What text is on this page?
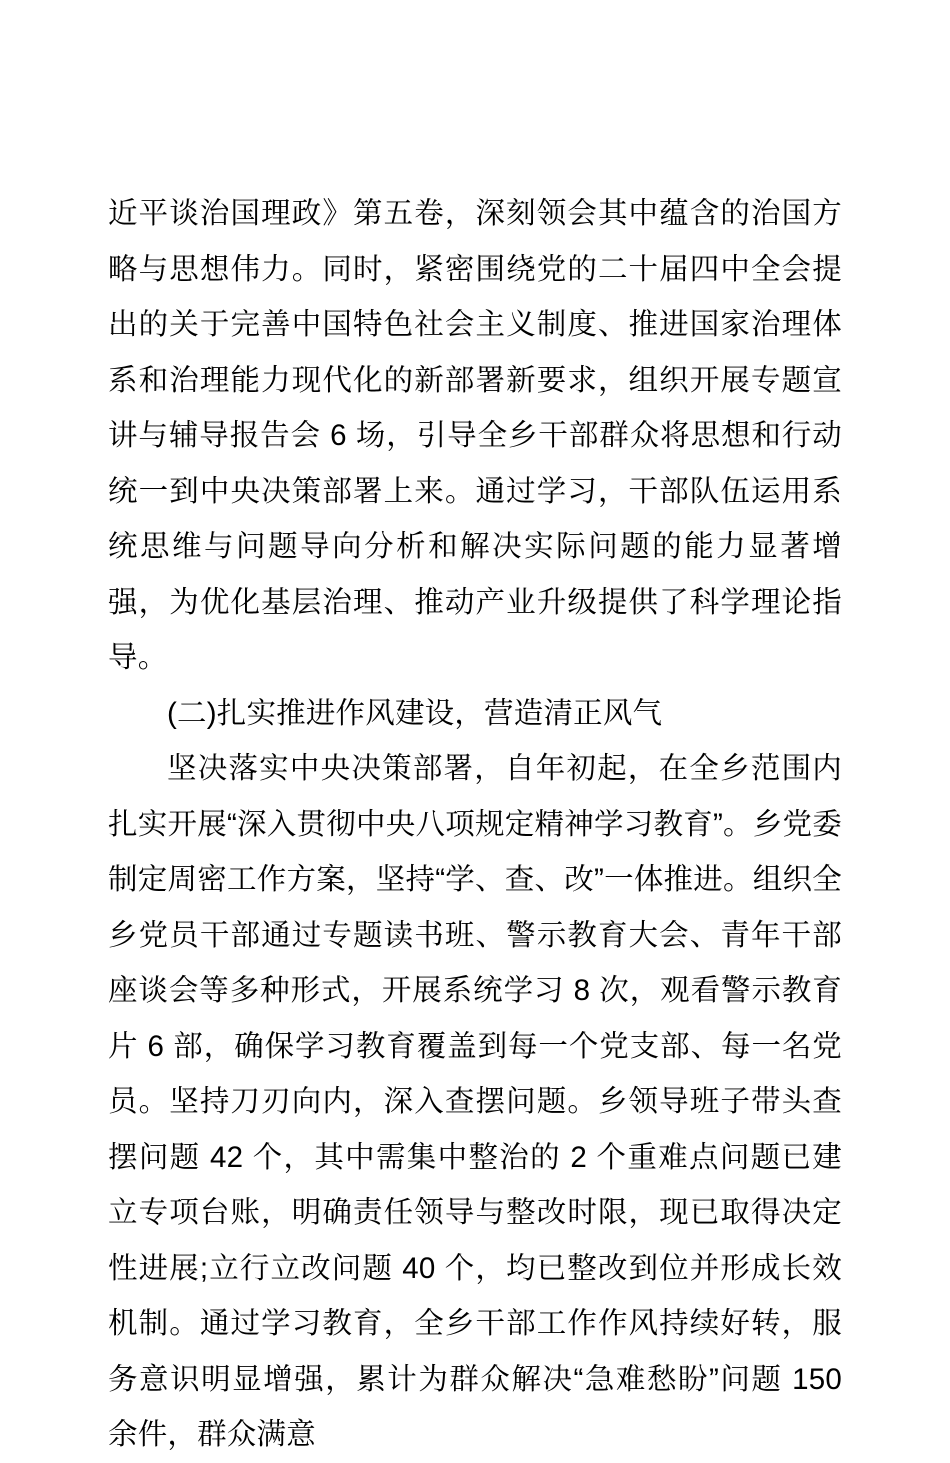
近平谈治国理政》第五卷，深刻领会其中蕴含的治国方略与思想伟力。同时，紧密围绕党的二十届四中全会提出的关于完善中国特色社会主义制度、推进国家治理体系和治理能力现代化的新部署新要求，组织开展专题宣讲与辅导报告会 6 场，引导全乡干部群众将思想和行动统一到中央决策部署上来。通过学习，干部队伍运用系统思维与问题导向分析和解决实际问题的能力显著增强，为优化基层治理、推动产业升级提供了科学理论指导。

(二)扎实推进作风建设，营造清正风气

坚决落实中央决策部署，自年初起，在全乡范围内扎实开展“深入贯彻中央八项规定精神学习教育”。乡党委制定周密工作方案，坚持“学、查、改”一体推进。组织全乡党员干部通过专题读书班、警示教育大会、青年干部座谈会等多种形式，开展系统学习 8 次，观看警示教育片 6 部，确保学习教育覆盖到每一个党支部、每一名党员。坚持刀刃向内，深入查摆问题。乡领导班子带头查摆问题 42 个，其中需集中整治的 2 个重难点问题已建立专项台账，明确责任领导与整改时限，现已取得决定性进展;立行立改问题 40 个，均已整改到位并形成长效机制。通过学习教育，全乡干部工作作风持续好转，服务意识明显增强，累计为群众解决“急难愁盼”问题 150 余件，群众满意
